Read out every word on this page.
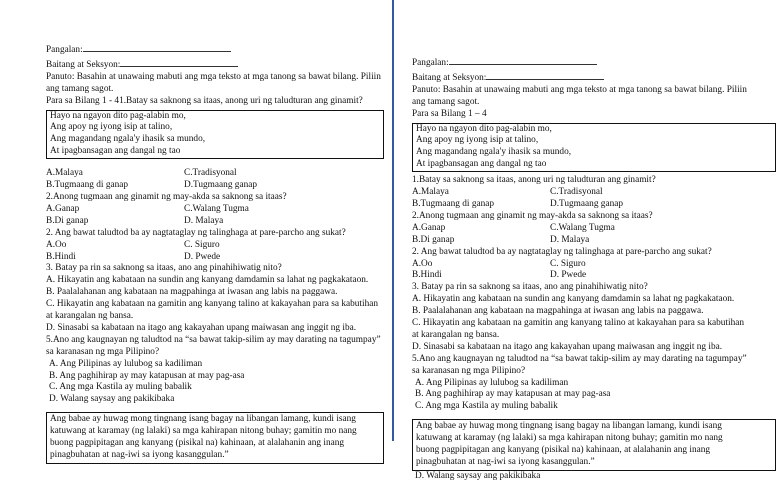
Pangalan:
Baitang at Seksyon:
Panuto: Basahin at unawaing mabuti ang mga teksto at mga tanong sa bawat bilang. Piliin
ang tamang sagot.
Para sa Bilang 1 - 41.Batay sa saknong sa itaas, anong uri ng taludturan ang ginamit?
Hayo na ngayon dito pag-alabin mo,
Ang apoy ng iyong isip at talino,
Ang magandang ngala'y ihasik sa mundo,
At ipagbansagan ang dangal ng tao
A.Malaya	C.Tradisyonal
B.Tugmaang di ganap	D.Tugmaang ganap
2.Anong tugmaan ang ginamit ng may-akda sa saknong sa itaas?
A.Ganap	C.Walang Tugma
B.Di ganap	D. Malaya
2. Ang bawat taludtod ba ay nagtataglay ng talinghaga at pare-parcho ang sukat?
A.Oo	C. Siguro
B.Hindi	D. Pwede
3. Batay pa rin sa saknong sa itaas, ano ang pinahihiwatig nito?
A. Hikayatin ang kabataan na sundin ang kanyang damdamin sa lahat ng pagkakataon.
B. Paalalahanan ang kabataan na magpahinga at iwasan ang labis na paggawa.
C. Hikayatin ang kabataan na gamitin ang kanyang talino at kakayahan para sa kabutihan
at karangalan ng bansa.
D. Sinasabi sa kabataan na itago ang kakayahan upang maiwasan ang inggit ng iba.
5.Ano ang kaugnayan ng taludtod na “sa bawat takip-silim ay may darating na tagumpay”
sa karanasan ng mga Pilipino?
A. Ang Pilipinas ay lulubog sa kadiliman
B. Ang paghihirap ay may katapusan at may pag-asa
C. Ang mga Kastila ay muling babalik
D. Walang saysay ang pakikibaka
Ang babae ay huwag mong tingnang isang bagay na libangan lamang, kundi isang
katuwang at karamay (ng lalaki) sa mga kahirapan nitong buhay; gamitin mo nang
buong pagpipitagan ang kanyang (pisikal na) kahinaan, at alalahanin ang inang
pinagbuhatan at nag-iwi sa iyong kasanggulan.”
Pangalan:
Baitang at Seksyon:
Panuto: Basahin at unawaing mabuti ang mga teksto at mga tanong sa bawat bilang. Piliin
ang tamang sagot.
Para sa Bilang 1 – 4
Hayo na ngayon dito pag-alabin mo,
Ang apoy ng iyong isip at talino,
Ang magandang ngala'y ihasik sa mundo,
At ipagbansagan ang dangal ng tao
1.Batay sa saknong sa itaas, anong uri ng taludturan ang ginamit?
A.Malaya	C.Tradisyonal
B.Tugmaang di ganap	D.Tugmaang ganap
2.Anong tugmaan ang ginamit ng may-akda sa saknong sa itaas?
A.Ganap	C.Walang Tugma
B.Di ganap	D. Malaya
2. Ang bawat taludtod ba ay nagtataglay ng talinghaga at pare-parcho ang sukat?
A.Oo	C. Siguro
B.Hindi	D. Pwede
3. Batay pa rin sa saknong sa itaas, ano ang pinahihiwatig nito?
A. Hikayatin ang kabataan na sundin ang kanyang damdamin sa lahat ng pagkakataon.
B. Paalalahanan ang kabataan na magpahinga at iwasan ang labis na paggawa.
C. Hikayatin ang kabataan na gamitin ang kanyang talino at kakayahan para sa kabutihan
at karangalan ng bansa.
D. Sinasabi sa kabataan na itago ang kakayahan upang maiwasan ang inggit ng iba.
5.Ano ang kaugnayan ng taludtod na “sa bawat takip-silim ay may darating na tagumpay”
sa karanasan ng mga Pilipino?
A. Ang Pilipinas ay lulubog sa kadiliman
B. Ang paghihirap ay may katapusan at may pag-asa
C. Ang mga Kastila ay muling babalik
Ang babae ay huwag mong tingnang isang bagay na libangan lamang, kundi isang
katuwang at karamay (ng lalaki) sa mga kahirapan nitong buhay; gamitin mo nang
buong pagpipitagan ang kanyang (pisikal na) kahinaan, at alalahanin ang inang
pinagbuhatan at nag-iwi sa iyong kasanggulan.”
D. Walang saysay ang pakikibaka
